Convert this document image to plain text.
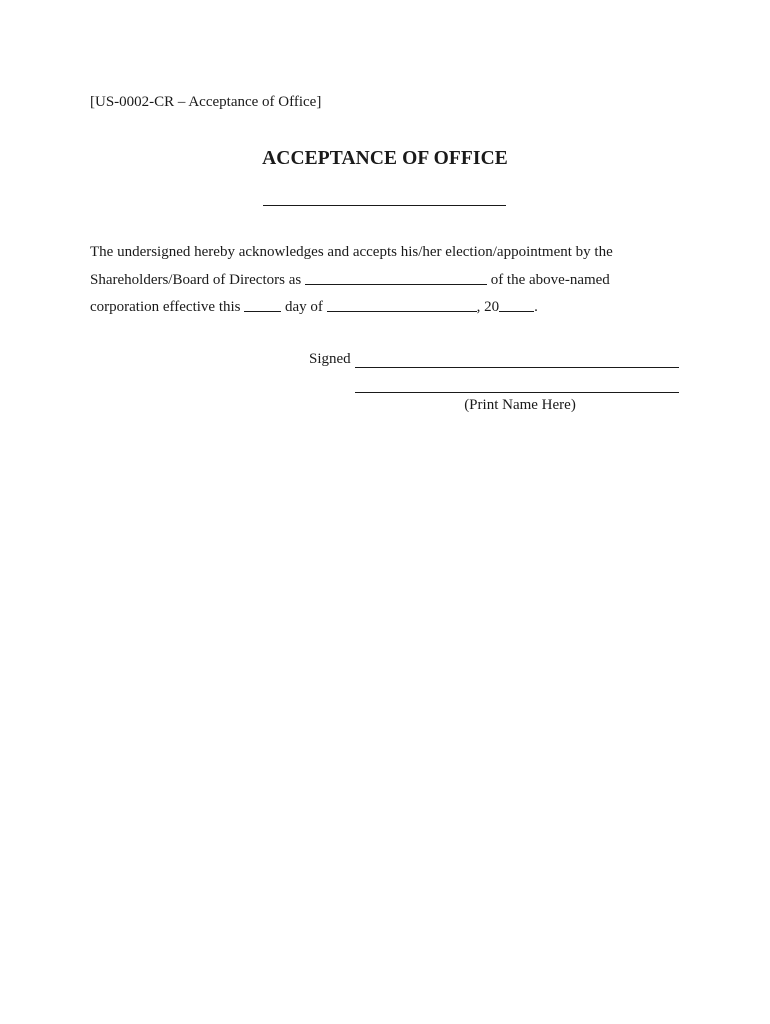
[US-0002-CR – Acceptance of Office]
ACCEPTANCE OF OFFICE
The undersigned hereby acknowledges and accepts his/her election/appointment by the
Shareholders/Board of Directors as	of the above-named
corporation effective this  day of	, 20 .
Signed
(Print Name Here)
